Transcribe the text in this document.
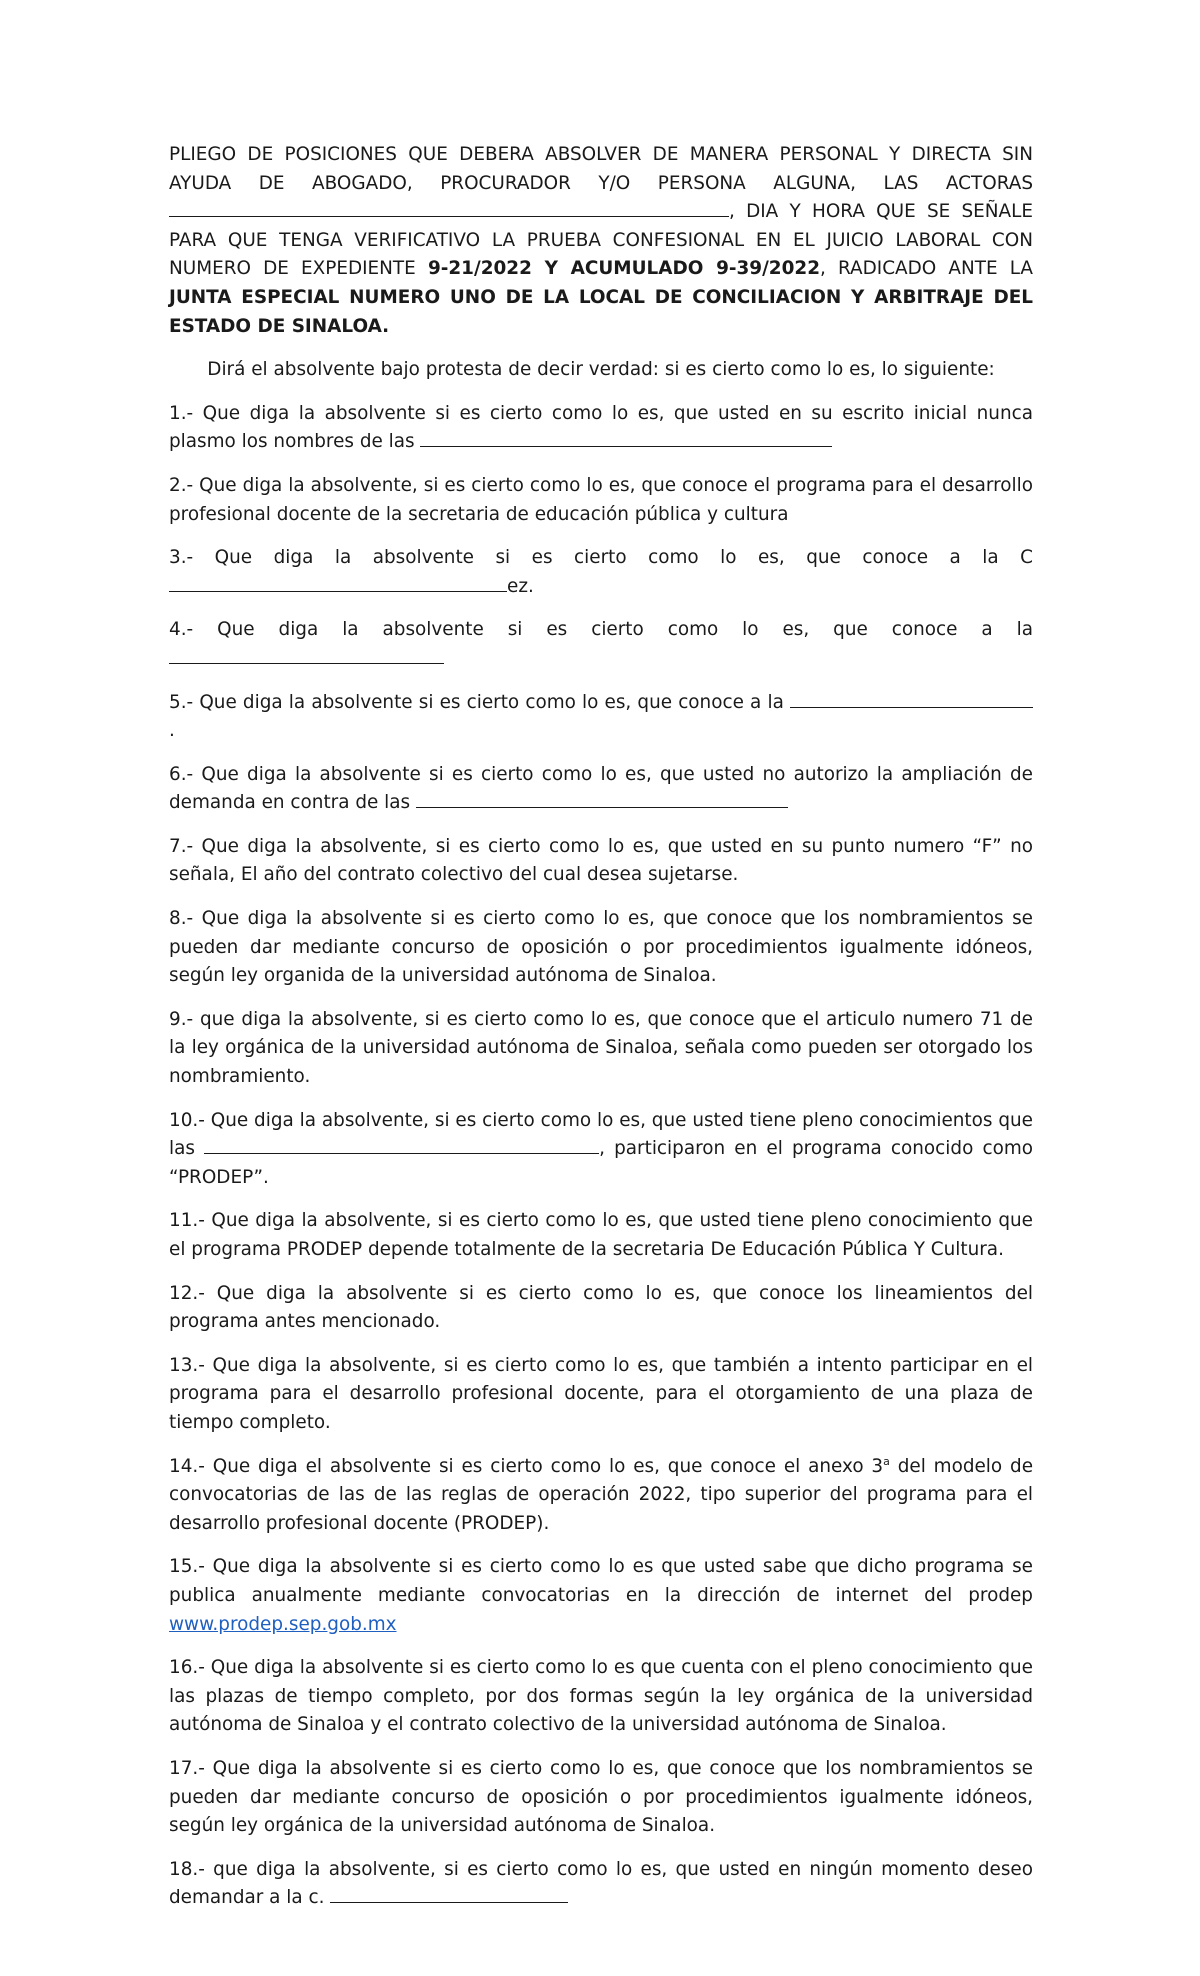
PLIEGO DE POSICIONES QUE DEBERA ABSOLVER DE MANERA PERSONAL Y DIRECTA SIN AYUDA DE ABOGADO, PROCURADOR Y/O PERSONA ALGUNA, LAS ACTORAS , DIA Y HORA QUE SE SEÑALE PARA QUE TENGA VERIFICATIVO LA PRUEBA CONFESIONAL EN EL JUICIO LABORAL CON NUMERO DE EXPEDIENTE 9-21/2022 Y ACUMULADO 9-39/2022, RADICADO ANTE LA JUNTA ESPECIAL NUMERO UNO DE LA LOCAL DE CONCILIACION Y ARBITRAJE DEL ESTADO DE SINALOA.

Dirá el absolvente bajo protesta de decir verdad: si es cierto como lo es, lo siguiente:

1.- Que diga la absolvente si es cierto como lo es, que usted en su escrito inicial nunca plasmo los nombres de las

2.- Que diga la absolvente, si es cierto como lo es, que conoce el programa para el desarrollo profesional docente de la secretaria de educación pública y cultura

3.- Que diga la absolvente si es cierto como lo es, que conoce a la Cez.

4.- Que diga la absolvente si es cierto como lo es, que conoce a la

5.- Que diga la absolvente si es cierto como lo es, que conoce a la .

6.- Que diga la absolvente si es cierto como lo es, que usted no autorizo la ampliación de demanda en contra de las

7.- Que diga la absolvente, si es cierto como lo es, que usted en su punto numero “F” no señala, El año del contrato colectivo del cual desea sujetarse.

8.- Que diga la absolvente si es cierto como lo es, que conoce que los nombramientos se pueden dar mediante concurso de oposición o por procedimientos igualmente idóneos, según ley organida de la universidad autónoma de Sinaloa.

9.- que diga la absolvente, si es cierto como lo es, que conoce que el articulo numero 71 de la ley orgánica de la universidad autónoma de Sinaloa, señala como pueden ser otorgado los nombramiento.

10.- Que diga la absolvente, si es cierto como lo es, que usted tiene pleno conocimientos que las	, participaron en el programa conocido como “PRODEP”.

11.- Que diga la absolvente, si es cierto como lo es, que usted tiene pleno conocimiento que el programa PRODEP depende totalmente de la secretaria De Educación Pública Y Cultura.

12.- Que diga la absolvente si es cierto como lo es, que conoce los lineamientos del programa antes mencionado.

13.- Que diga la absolvente, si es cierto como lo es, que también a intento participar en el programa para el desarrollo profesional docente, para el otorgamiento de una plaza de tiempo completo.

14.- Que diga el absolvente si es cierto como lo es, que conoce el anexo 3$^a$ del modelo de convocatorias de las de las reglas de operación 2022, tipo superior del programa para el desarrollo profesional docente (PRODEP).

15.- Que diga la absolvente si es cierto como lo es que usted sabe que dicho programa se publica anualmente mediante convocatorias en la dirección de internet del prodep www.prodep.sep.gob.mx

16.- Que diga la absolvente si es cierto como lo es que cuenta con el pleno conocimiento que las plazas de tiempo completo, por dos formas según la ley orgánica de la universidad autónoma de Sinaloa y el contrato colectivo de la universidad autónoma de Sinaloa.

17.- Que diga la absolvente si es cierto como lo es, que conoce que los nombramientos se pueden dar mediante concurso de oposición o por procedimientos igualmente idóneos, según ley orgánica de la universidad autónoma de Sinaloa.

18.- que diga la absolvente, si es cierto como lo es, que usted en ningún momento deseo demandar a la c.
